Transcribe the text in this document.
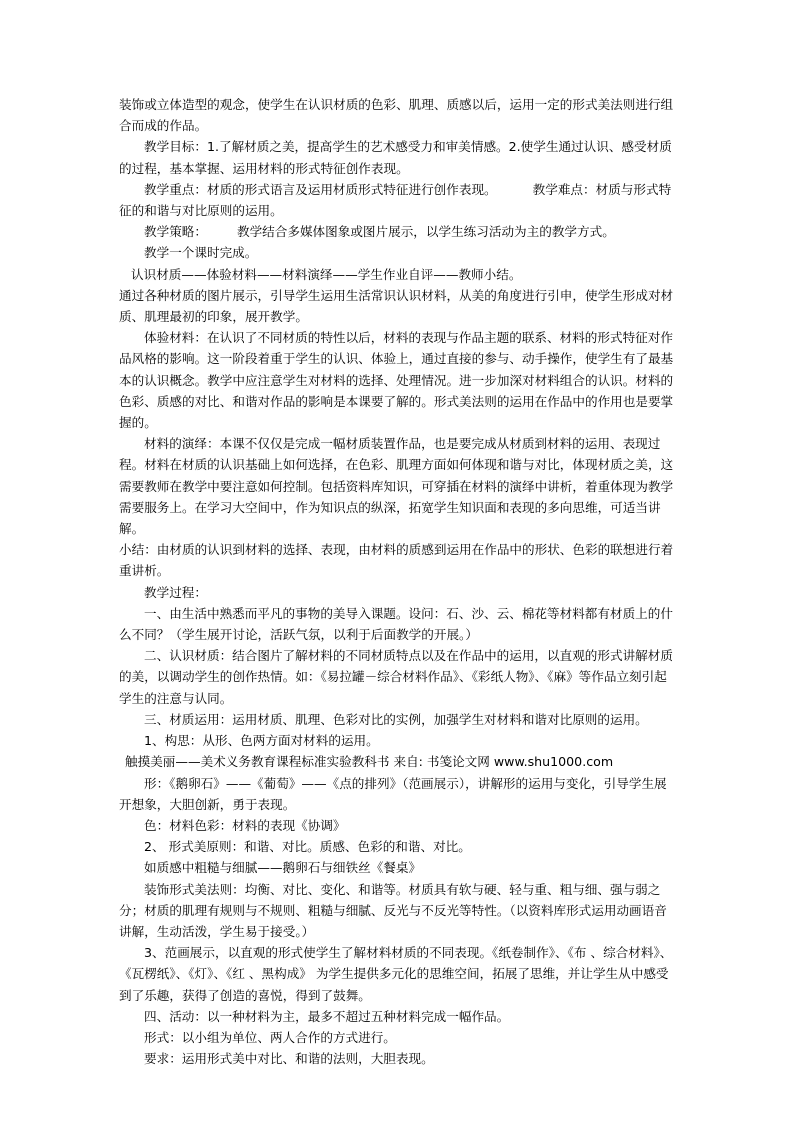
装饰或立体造型的观念，使学生在认识材质的色彩、肌理、质感以后，运用一定的形式美法则进行组合而成的作品。

教学目标：1.了解材质之美，提高学生的艺术感受力和审美情感。2.使学生通过认识、感受材质的过程，基本掌握、运用材料的形式特征创作表现。

教学重点：材质的形式语言及运用材质形式特征进行创作表现。	教学难点：材质与形式特征的和谐与对比原则的运用。

教学策略： 教学结合多媒体图象或图片展示，以学生练习活动为主的教学方式。

教学一个课时完成。

认识材质——体验材料——材料演绎——学生作业自评——教师小结。

通过各种材质的图片展示，引导学生运用生活常识认识材料，从美的角度进行引申，使学生形成对材质、肌理最初的印象，展开教学。

体验材料：在认识了不同材质的特性以后，材料的表现与作品主题的联系、材料的形式特征对作品风格的影响。这一阶段着重于学生的认识、体验上，通过直接的参与、动手操作，使学生有了最基本的认识概念。教学中应注意学生对材料的选择、处理情况。进一步加深对材料组合的认识。材料的色彩、质感的对比、和谐对作品的影响是本课要了解的。形式美法则的运用在作品中的作用也是要掌握的。

材料的演绎：本课不仅仅是完成一幅材质装置作品，也是要完成从材质到材料的运用、表现过程。材料在材质的认识基础上如何选择，在色彩、肌理方面如何体现和谐与对比，体现材质之美，这需要教师在教学中要注意如何控制。包括资料库知识，可穿插在材料的演绎中讲析，着重体现为教学需要服务上。在学习大空间中，作为知识点的纵深，拓宽学生知识面和表现的多向思维，可适当讲解。

小结：由材质的认识到材料的选择、表现，由材料的质感到运用在作品中的形状、色彩的联想进行着重讲析。

教学过程：

一、由生活中熟悉而平凡的事物的美导入课题。设问：石、沙、云、棉花等材料都有材质上的什么不同？（学生展开讨论，活跃气氛，以利于后面教学的开展。）

二、认识材质：结合图片了解材料的不同材质特点以及在作品中的运用，以直观的形式讲解材质的美，以调动学生的创作热情。如：《易拉罐－综合材料作品》、《彩纸人物》、《麻》等作品立刻引起学生的注意与认同。

三、材质运用：运用材质、肌理、色彩对比的实例，加强学生对材料和谐对比原则的运用。

1、构思：从形、色两方面对材料的运用。

触摸美丽——美术义务教育课程标准实验教科书 来自: 书笺论文网 www.shu1000.com

形：《鹅卵石》——《葡萄》——《点的排列》（范画展示），讲解形的运用与变化，引导学生展开想象，大胆创新，勇于表现。

色：材料色彩：材料的表现《协调》

2、 形式美原则：和谐、对比。质感、色彩的和谐、对比。

如质感中粗糙与细腻——鹅卵石与细铁丝《餐桌》

装饰形式美法则：均衡、对比、变化、和谐等。材质具有软与硬、轻与重、粗与细、强与弱之分；材质的肌理有规则与不规则、粗糙与细腻、反光与不反光等特性。（以资料库形式运用动画语音讲解，生动活泼，学生易于接受。）

3、范画展示，以直观的形式使学生了解材料材质的不同表现。《纸卷制作》、《布 、综合材料》、《瓦楞纸》、《灯》、《红 、黑构成》 为学生提供多元化的思维空间，拓展了思维，并让学生从中感受到了乐趣，获得了创造的喜悦，得到了鼓舞。

四、活动：以一种材料为主，最多不超过五种材料完成一幅作品。

形式：以小组为单位、两人合作的方式进行。

要求：运用形式美中对比、和谐的法则，大胆表现。
